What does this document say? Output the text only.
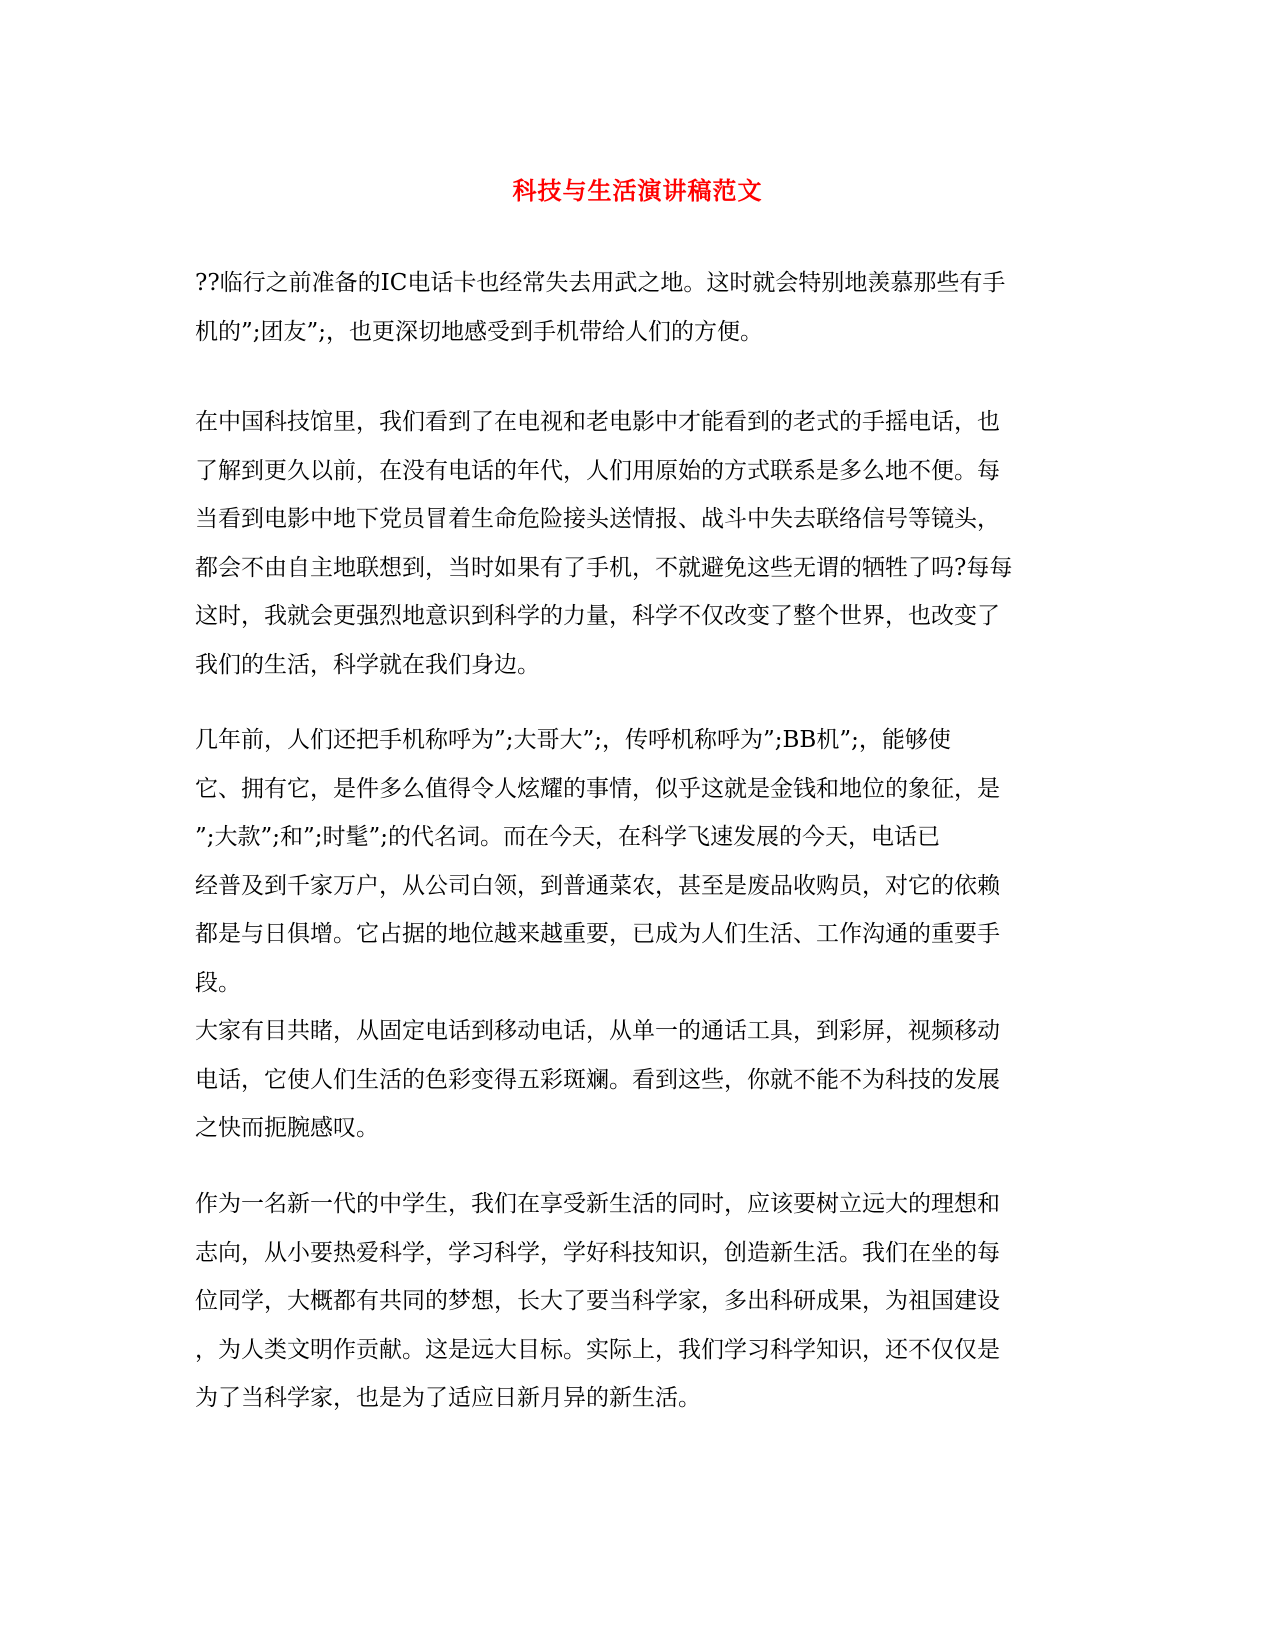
科技与生活演讲稿范文

??临行之前准备的IC电话卡也经常失去用武之地。这时就会特别地羡慕那些有手
机的”;团友”;，也更深切地感受到手机带给人们的方便。

在中国科技馆里，我们看到了在电视和老电影中才能看到的老式的手摇电话，也
了解到更久以前，在没有电话的年代，人们用原始的方式联系是多么地不便。每
当看到电影中地下党员冒着生命危险接头送情报、战斗中失去联络信号等镜头，
都会不由自主地联想到，当时如果有了手机，不就避免这些无谓的牺牲了吗?每每
这时，我就会更强烈地意识到科学的力量，科学不仅改变了整个世界，也改变了
我们的生活，科学就在我们身边。

几年前，人们还把手机称呼为”;大哥大”;，传呼机称呼为”;BB机”;，能够使
它、拥有它，是件多么值得令人炫耀的事情，似乎这就是金钱和地位的象征，是
”;大款”;和”;时髦”;的代名词。而在今天，在科学飞速发展的今天，电话已
经普及到千家万户，从公司白领，到普通菜农，甚至是废品收购员，对它的依赖
都是与日俱增。它占据的地位越来越重要，已成为人们生活、工作沟通的重要手
段。
大家有目共睹，从固定电话到移动电话，从单一的通话工具，到彩屏，视频移动
电话，它使人们生活的色彩变得五彩斑斓。看到这些，你就不能不为科技的发展
之快而扼腕感叹。

作为一名新一代的中学生，我们在享受新生活的同时，应该要树立远大的理想和
志向，从小要热爱科学，学习科学，学好科技知识，创造新生活。我们在坐的每
位同学，大概都有共同的梦想，长大了要当科学家，多出科研成果，为祖国建设
，为人类文明作贡献。这是远大目标。实际上，我们学习科学知识，还不仅仅是
为了当科学家，也是为了适应日新月异的新生活。
